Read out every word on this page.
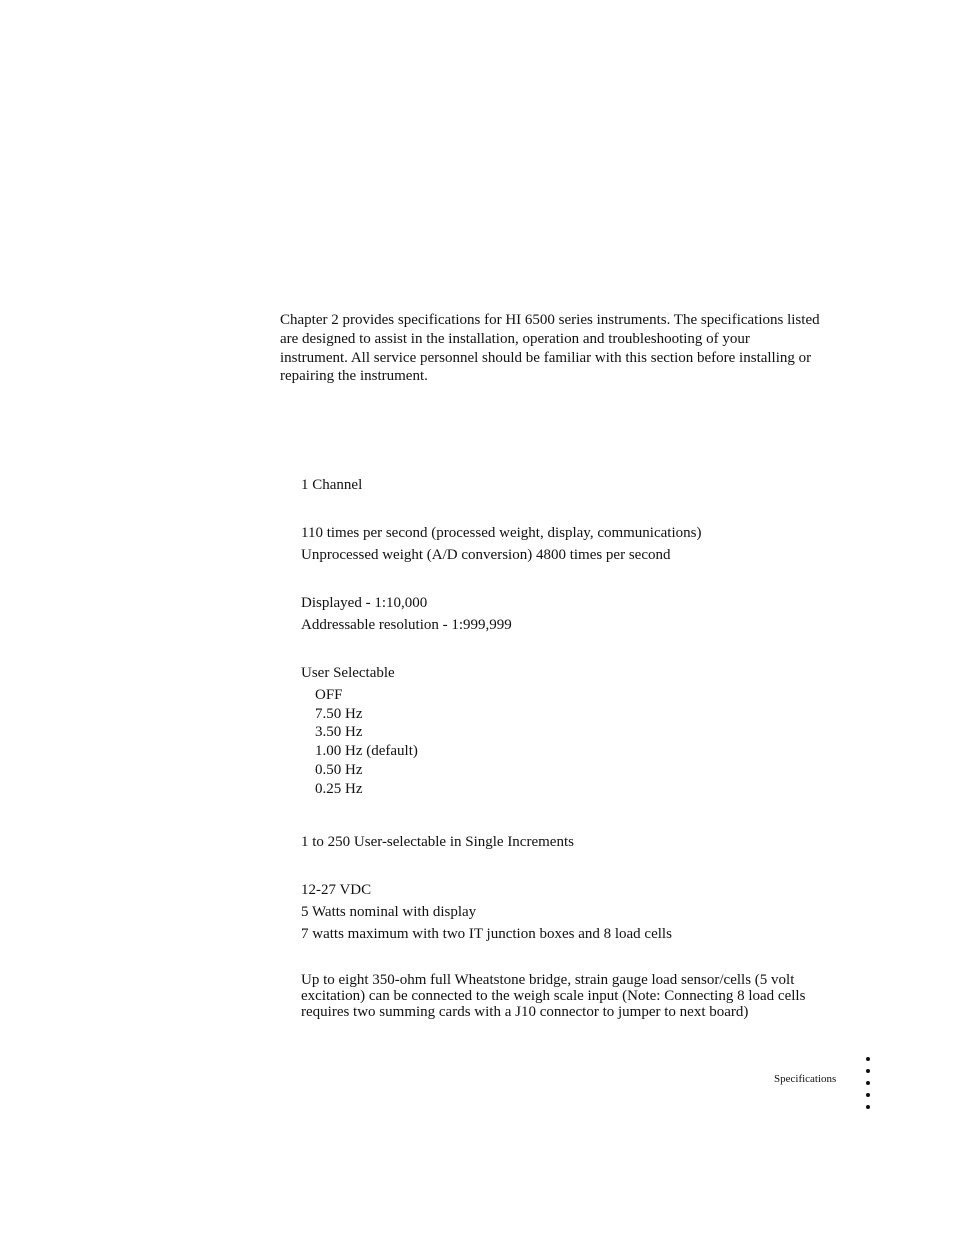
Chapter 2 provides specifications for HI 6500 series instruments. The specifications listed are designed to assist in the installation, operation and troubleshooting of your instrument. All service personnel should be familiar with this section before installing or repairing the instrument.

1 Channel

110 times per second (processed weight, display, communications)

Unprocessed weight (A/D conversion) 4800 times per second

Displayed - 1:10,000

Addressable resolution - 1:999,999

User Selectable

OFF

7.50 Hz

3.50 Hz

1.00 Hz (default)

0.50 Hz

0.25 Hz

1 to 250 User-selectable in Single Increments

12-27 VDC

5 Watts nominal with display

7 watts maximum with two IT junction boxes and 8 load cells

Up to eight 350-ohm full Wheatstone bridge, strain gauge load sensor/cells (5 volt excitation) can be connected to the weigh scale input (Note: Connecting 8 load cells requires two summing cards with a J10 connector to jumper to next board)

Specifications
